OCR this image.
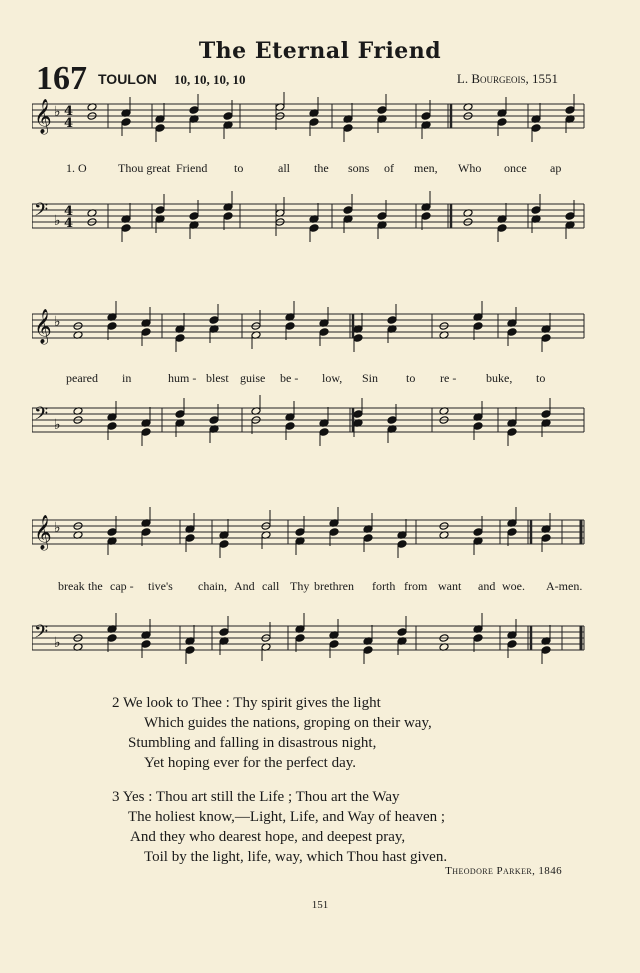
The Eternal Friend
167 TOULON 10, 10, 10, 10	L. Bourgeois, 1551
𝄞 ♭ 4
4
𝄢 ♭
4
4
𝄞 ♭
𝄢 ♭
𝄞 ♭
𝄢 ♭
1. O	Thou great Friend to	all the sons of men, Who once ap
peared in	hum - blest guise be - low, Sin to re - buke, to
break the cap - tive's chain, And call Thy brethren forth from want and woe. A-men.
2 We look to Thee : Thy spirit gives the light
Which guides the nations, groping on their way,
Stumbling and falling in disastrous night,
Yet hoping ever for the perfect day.
3 Yes : Thou art still the Life ; Thou art the Way
The holiest know,—Light, Life, and Way of heaven ;
And they who dearest hope, and deepest pray,
Toil by the light, life, way, which Thou hast given.
Theodore Parker, 1846
151
